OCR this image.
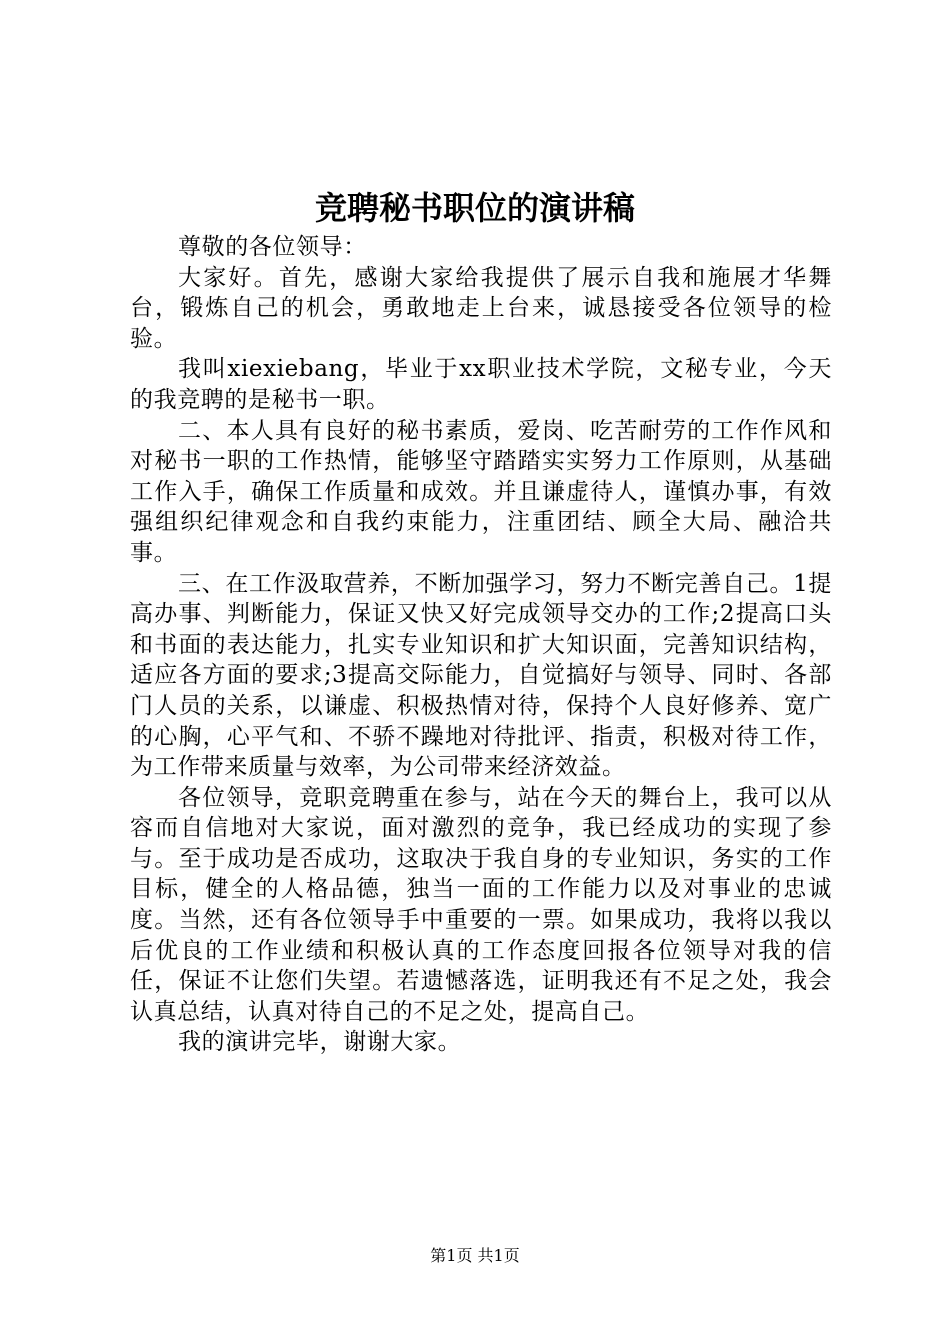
竞聘秘书职位的演讲稿

尊敬的各位领导：

大家好。首先，感谢大家给我提供了展示自我和施展才华舞台，锻炼自己的机会，勇敢地走上台来，诚恳接受各位领导的检验。

我叫xiexiebang，毕业于xx职业技术学院，文秘专业，今天的我竞聘的是秘书一职。

二、本人具有良好的秘书素质，爱岗、吃苦耐劳的工作作风和对秘书一职的工作热情，能够坚守踏踏实实努力工作原则，从基础工作入手，确保工作质量和成效。并且谦虚待人，谨慎办事，有效强组织纪律观念和自我约束能力，注重团结、顾全大局、融洽共事。

三、在工作汲取营养，不断加强学习，努力不断完善自己。1提高办事、判断能力，保证又快又好完成领导交办的工作;2提高口头和书面的表达能力，扎实专业知识和扩大知识面，完善知识结构，适应各方面的要求;3提高交际能力，自觉搞好与领导、同时、各部门人员的关系，以谦虚、积极热情对待，保持个人良好修养、宽广的心胸，心平气和、不骄不躁地对待批评、指责，积极对待工作，为工作带来质量与效率，为公司带来经济效益。

各位领导，竞职竞聘重在参与，站在今天的舞台上，我可以从容而自信地对大家说，面对激烈的竞争，我已经成功的实现了参与。至于成功是否成功，这取决于我自身的专业知识，务实的工作目标，健全的人格品德，独当一面的工作能力以及对事业的忠诚度。当然，还有各位领导手中重要的一票。如果成功，我将以我以后优良的工作业绩和积极认真的工作态度回报各位领导对我的信任，保证不让您们失望。若遗憾落选，证明我还有不足之处，我会认真总结，认真对待自己的不足之处，提高自己。

我的演讲完毕，谢谢大家。

第1页 共1页
